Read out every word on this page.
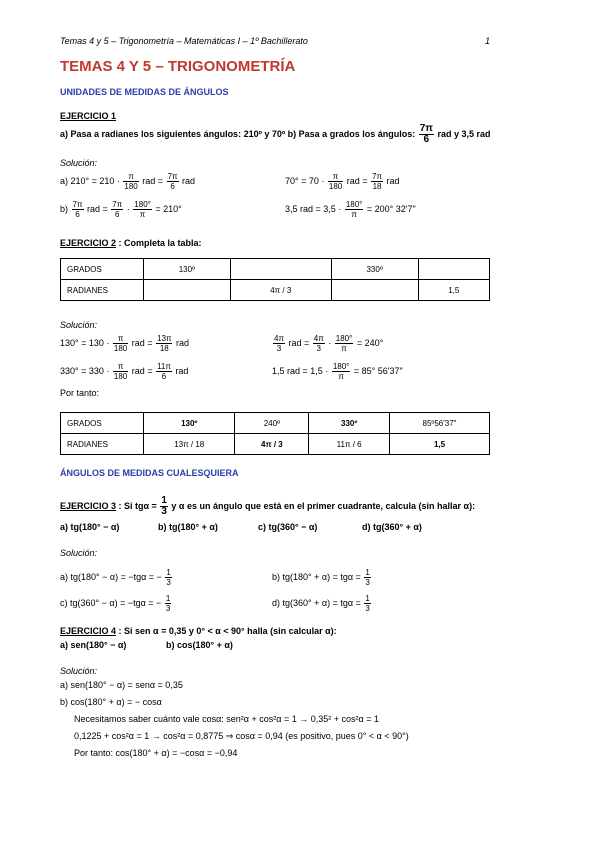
Temas 4 y 5 – Trigonometría – Matemáticas I – 1º Bachillerato	1
TEMAS 4 Y 5 – TRIGONOMETRÍA
UNIDADES DE MEDIDAS DE ÁNGULOS
EJERCICIO 1
a) Pasa a radianes los siguientes ángulos: 210º y 70º b) Pasa a grados los ángulos: $\frac{7\pi}{6}$ rad y 3,5 rad
Solución:
a) $210^\circ = 210 \cdot \frac{\pi}{180}$ rad = $\frac{7\pi}{6}$ rad	$70^\circ = 70 \cdot \frac{\pi}{180}$ rad = $\frac{7\pi}{18}$ rad
$b) \frac{7\pi}{6}$ rad = $\frac{7\pi}{6} \cdot \frac{180^\circ}{\pi} = 210^\circ$	3,5 rad = $3,5 \cdot \frac{180^\circ}{\pi} = 200^\circ$ 32'7"
EJERCICIO 2 : Completa la tabla:
GRADOS	130º		330º	
RADIANES		4π / 3		1,5
Solución:
$130^\circ = 130 \cdot \frac{\pi}{180}$ rad = $\frac{13\pi}{18}$ rad	$\frac{4\pi}{3}$ rad = $\frac{4\pi}{3} \cdot \frac{180^\circ}{\pi} = 240^\circ$
$330^\circ = 330 \cdot \frac{\pi}{180}$ rad = $\frac{11\pi}{6}$ rad	1,5 rad = $1,5 \cdot \frac{180^\circ}{\pi} = 85^\circ$ 56'37"
Por tanto:
GRADOS	130º	240º	330º	85º56'37"
RADIANES	13π / 18	4π / 3	11π / 6	1,5
ÁNGULOS DE MEDIDAS CUALESQUIERA
EJERCICIO 3 : Si $tg\alpha = \frac{1}{3}$ y α es un ángulo que está en el primer cuadrante, calcula (sin hallar α):
a) tg(180° − α)	b) tg(180° + α)	c) tg(360° − α)	d) tg(360° + α)
Solución:
a) tg(180° − α) = −tgα = − $\frac{1}{3}$	b) $tg(180^\circ + \alpha) = tg\alpha = \frac{1}{3}$
c) tg(360° − α) = −tgα = − $\frac{1}{3}$	d) $tg(360^\circ + \alpha) = tg\alpha = \frac{1}{3}$
EJERCICIO 4 : Si sen α = 0,35 y 0° < α < 90° halla (sin calcular α):
a) sen(180° − α)	b) cos(180° + α)
Solución:
a) sen(180° − α) = senα = 0,35
b) cos(180° + α) = − cosα
Necesitamos saber cuánto vale cosα: sen²α + cos²α = 1 → 0,35² + cos²α = 1
0,1225 + cos²α = 1 → cos²α = 0,8775 ⇒ cosα = 0,94 (es positivo, pues 0° < α < 90°)
Por tanto: cos(180° + α) = −cosα = −0,94
